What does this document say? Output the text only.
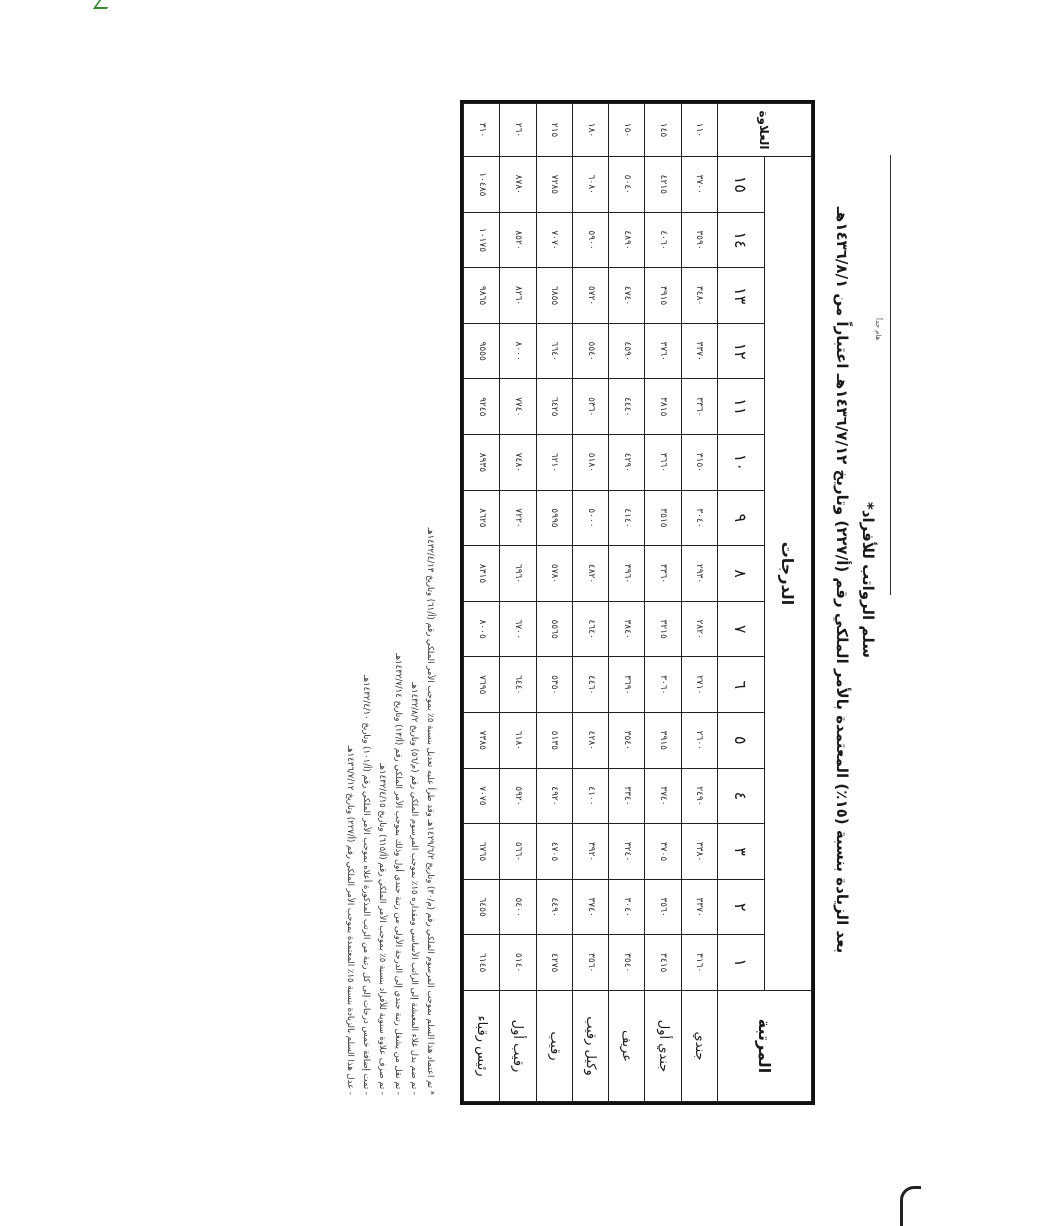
هام جداً
سلم الرواتب للأفراد*
بعد الزيادة بنسبة (١٥٪) المعتمدة بالأمر الملكي رقم (أ/٢٢٧) وتاريخ ١٤٣٦/٧/١٢هـ اعتباراً من ١٤٣٦/٨/١هـ
المرتبة	الدرجات															العلاوة
	١	٢	٣	٤	٥	٦	٧	٨	٩	١٠	١١	١٢	١٣	١٤	١٥	
جندي	٣١٦٠	٣٣٧٠	٣٣٨٠	٢٤٩٠	٢٦٠٠	٢٧١٠	٢٨٢٠	٢٩٣٠	٣٠٤٠	٣١٥٠	٣٣٦٠	٣٣٧٠	٣٤٨٠	٣٥٩٠	٣٧٠٠	١١٠
جندي أول	٣٤١٥	٣٥٦٠	٣٧٠٥	٣٧٤٠	٣٩١٥	٣٠٦٠	٣٢١٥	٣٣٦٠	٣٥١٥	٣٦٦٠	٣٨١٥	٣٧٦٠	٣٩١٥	٤٠٦٠	٤٢١٥	١٤٥
عريف	٣٥٤٠	٣٠٤٠	٣٢٤٠	٣٣٤٠	٣٥٤٠	٣٦٩٠	٣٨٤٠	٣٩٦٠	٤١٤٠	٤٢٩٠	٤٤٤٠	٤٥٩٠	٤٧٤٠	٤٨٩٠	٥٠٤٠	١٥٠
وكيل رقيب	٣٥٦٠	٣٧٤٠	٣٩٢٠	٤١٠٠	٤٢٨٠	٤٤٦٠	٤٦٤٠	٤٨٢٠	٥٠٠٠	٥١٨٠	٥٣٦٠	٥٥٤٠	٥٧٢٠	٥٩٠٠	٦٠٨٠	١٨٠
رقيب	٤٢٧٥	٤٤٩٠	٤٧٠٥	٤٩٢٠	٥١٣٥	٥٣٥٠	٥٥٦٥	٥٧٨٠	٥٩٩٥	٦٢١٠	٦٤٢٥	٦٦٤٠	٦٨٥٥	٧٠٧٠	٧٢٨٥	٢١٥
رقيب أول	٥١٤٠	٥٤٠٠	٥٦٦٠	٥٩٢٠	٦١٨٠	٦٤٤٠	٦٧٠٠	٦٩٦٠	٧٢٢٠	٧٤٨٠	٧٧٤٠	٨٠٠٠	٨٢٦٠	٨٥٢٠	٨٧٨٠	٢٦٠
رئيس رقباء	٦١٤٥	٦٤٥٥	٦٧٦٥	٧٠٧٥	٧٣٨٥	٧٦٩٥	٨٠٠٥	٨٣١٥	٨٦٢٥	٨٩٣٥	٩٢٤٥	٩٥٥٥	٩٨٦٥	١٠١٧٥	١٠٤٨٥	٣١٠
* تم اعتماد هذا السلم بموجب المرسوم الملكي رقم (م/٣٠) وتاريخ ١٤٢٩/٦/٢هـ وقد طرأ عليه تعديل بنسبة ٥٪ بموجب الأمر الملكي رقم (أ/٦١) وتاريخ ١٤٣٢/٤/١٣هـ
- تم ضم بدل غلاء المعيشة إلى الراتب الأساسي ومقداره ١٥٪ بموجب المرسوم الملكي رقم (م/٥٦) وتاريخ ١٤٣٢/٨/٢هـ
- تم نقل من يشغل رتبة جندي إلى الدرجة الأولى من رتبة جندي أول وذلك بموجب الأمر الملكي رقم (أ/١٣) وتاريخ ١٤٣٢/٧/١٤هـ
- تم صرف علاوة سنوية للأفراد بنسبة ٥٪ بموجب الأمر الملكي رقم (أ/٦١٥) وتاريخ ١٤٣٢/٤/١٥هـ
- تمت إضافة خمس درجات إلى كل رتبة من الرتب المذكورة أعلاه بموجب الأمر الملكي رقم (أ/١٠١) وتاريخ ١٤٣٢/٤/١٠هـ
- عدل هذا السلم بالزيادة بنسبة ١٥٪ المعتمدة بموجب الأمر الملكي رقم (أ/٢٢٧) وتاريخ ١٤٣٦/٧/١٢هـ
